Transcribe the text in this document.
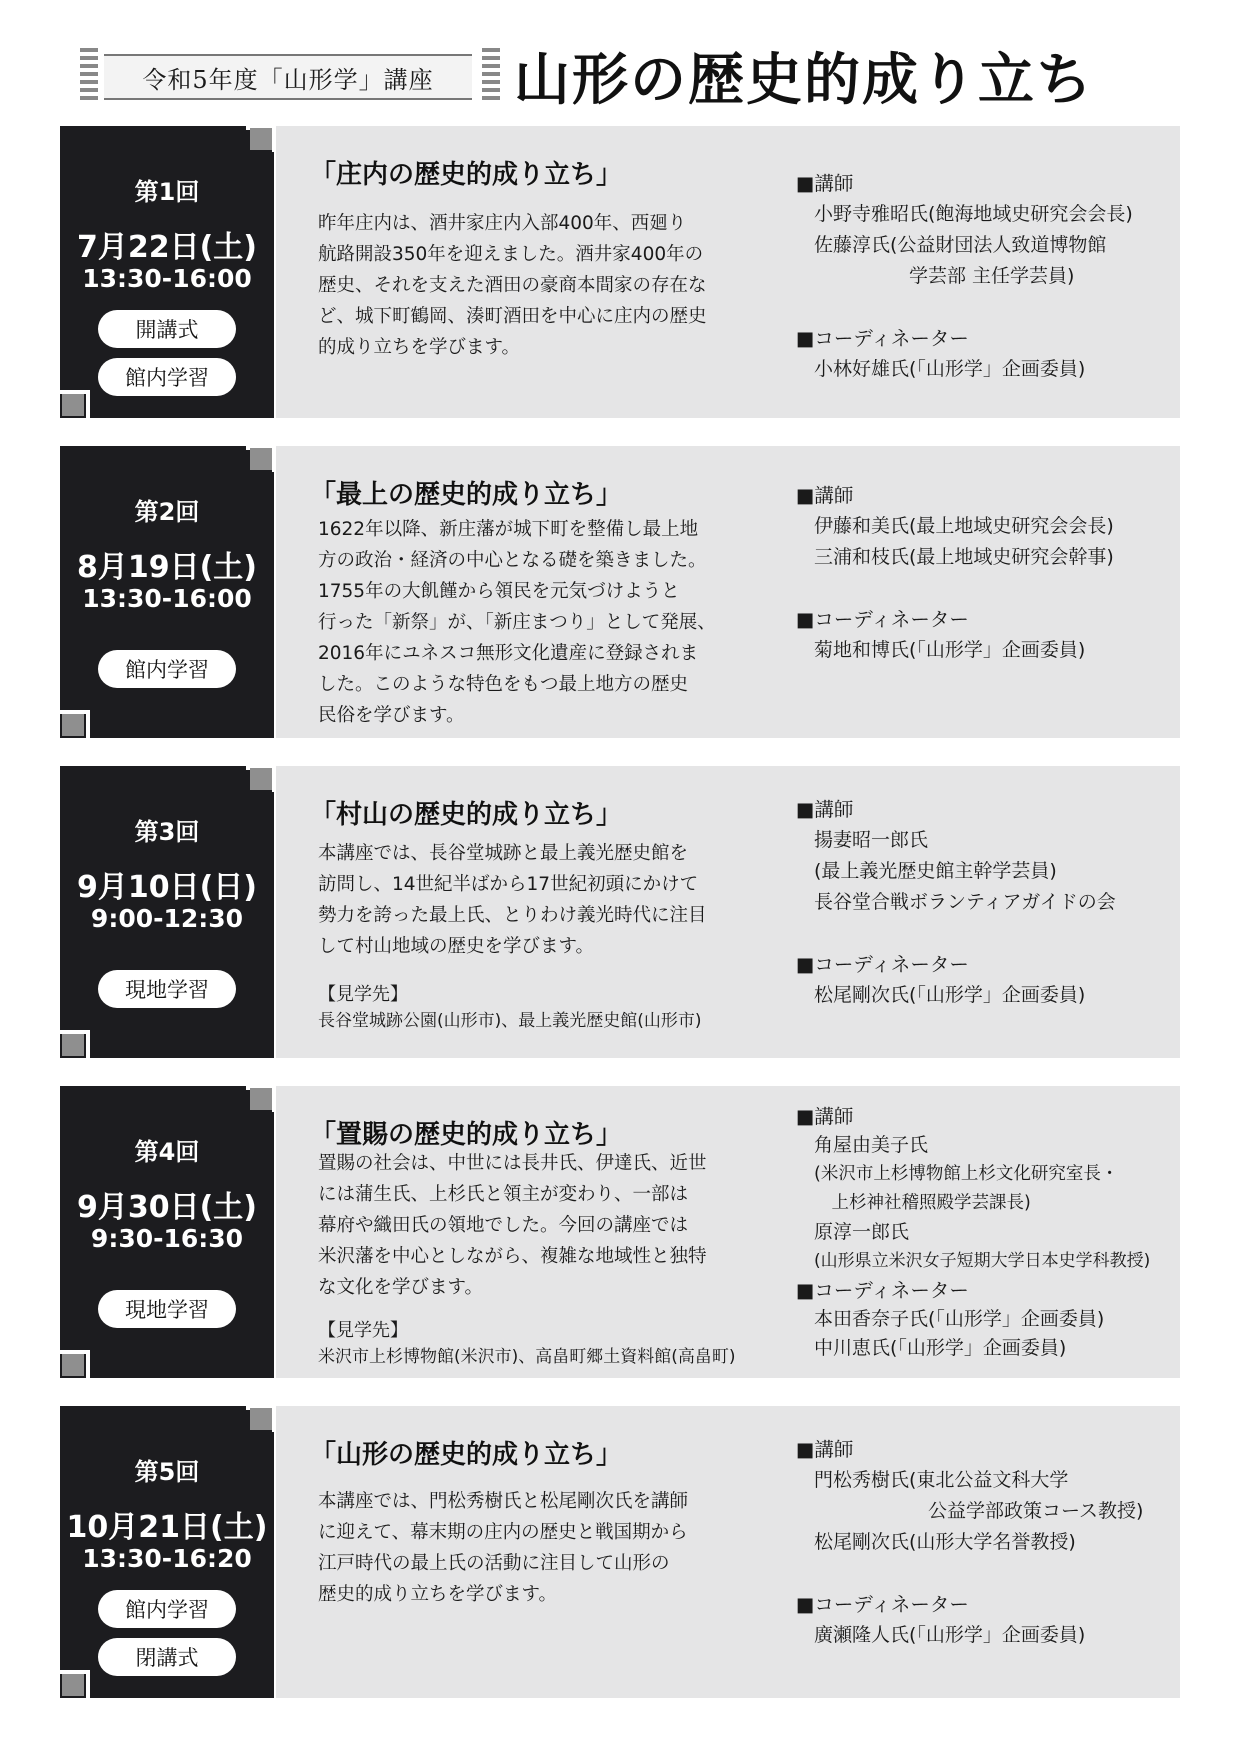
令和5年度「山形学」講座	山形の歴史的成り立ち
「庄内の歴史的成り立ち」
昨年庄内は、酒井家庄内入部400年、西廻り
航路開設350年を迎えました。酒井家400年の
歴史、それを支えた酒田の豪商本間家の存在な
ど、城下町鶴岡、湊町酒田を中心に庄内の歴史
的成り立ちを学びます。
■講師
小野寺雅昭氏(飽海地域史研究会会長)
佐藤淳氏(公益財団法人致道博物館
　　　　　学芸部 主任学芸員)
■コーディネーター
小林好雄氏(「山形学」企画委員)
第1回
7月22日(土)
13:30-16:00
開講式
館内学習
「最上の歴史的成り立ち」
1622年以降、新庄藩が城下町を整備し最上地
方の政治・経済の中心となる礎を築きました。
1755年の大飢饉から領民を元気づけようと
行った「新祭」が、「新庄まつり」として発展、
2016年にユネスコ無形文化遺産に登録されま
した。このような特色をもつ最上地方の歴史
民俗を学びます。
■講師
伊藤和美氏(最上地域史研究会会長)
三浦和枝氏(最上地域史研究会幹事)
■コーディネーター
菊地和博氏(「山形学」企画委員)
第2回
8月19日(土)
13:30-16:00
館内学習
「村山の歴史的成り立ち」
本講座では、長谷堂城跡と最上義光歴史館を
訪問し、14世紀半ばから17世紀初頭にかけて
勢力を誇った最上氏、とりわけ義光時代に注目
して村山地域の歴史を学びます。
【見学先】
長谷堂城跡公園(山形市)、最上義光歴史館(山形市)
■講師
揚妻昭一郎氏
(最上義光歴史館主幹学芸員)
長谷堂合戦ボランティアガイドの会
■コーディネーター
松尾剛次氏(「山形学」企画委員)
第3回
9月10日(日)
9:00-12:30
現地学習
「置賜の歴史的成り立ち」
置賜の社会は、中世には長井氏、伊達氏、近世
には蒲生氏、上杉氏と領主が変わり、一部は
幕府や織田氏の領地でした。今回の講座では
米沢藩を中心としながら、複雑な地域性と独特
な文化を学びます。
【見学先】
米沢市上杉博物館(米沢市)、高畠町郷土資料館(高畠町)
■講師
角屋由美子氏
(米沢市上杉博物館上杉文化研究室長・
　上杉神社稽照殿学芸課長)
原淳一郎氏
(山形県立米沢女子短期大学日本史学科教授)
■コーディネーター
本田香奈子氏(「山形学」企画委員)
中川恵氏(「山形学」企画委員)
第4回
9月30日(土)
9:30-16:30
現地学習
「山形の歴史的成り立ち」
本講座では、門松秀樹氏と松尾剛次氏を講師
に迎えて、幕末期の庄内の歴史と戦国期から
江戸時代の最上氏の活動に注目して山形の
歴史的成り立ちを学びます。
■講師
門松秀樹氏(東北公益文科大学
　　　　　　公益学部政策コース教授)
松尾剛次氏(山形大学名誉教授)
■コーディネーター
廣瀬隆人氏(「山形学」企画委員)
第5回
10月21日(土)
13:30-16:20
館内学習
閉講式
